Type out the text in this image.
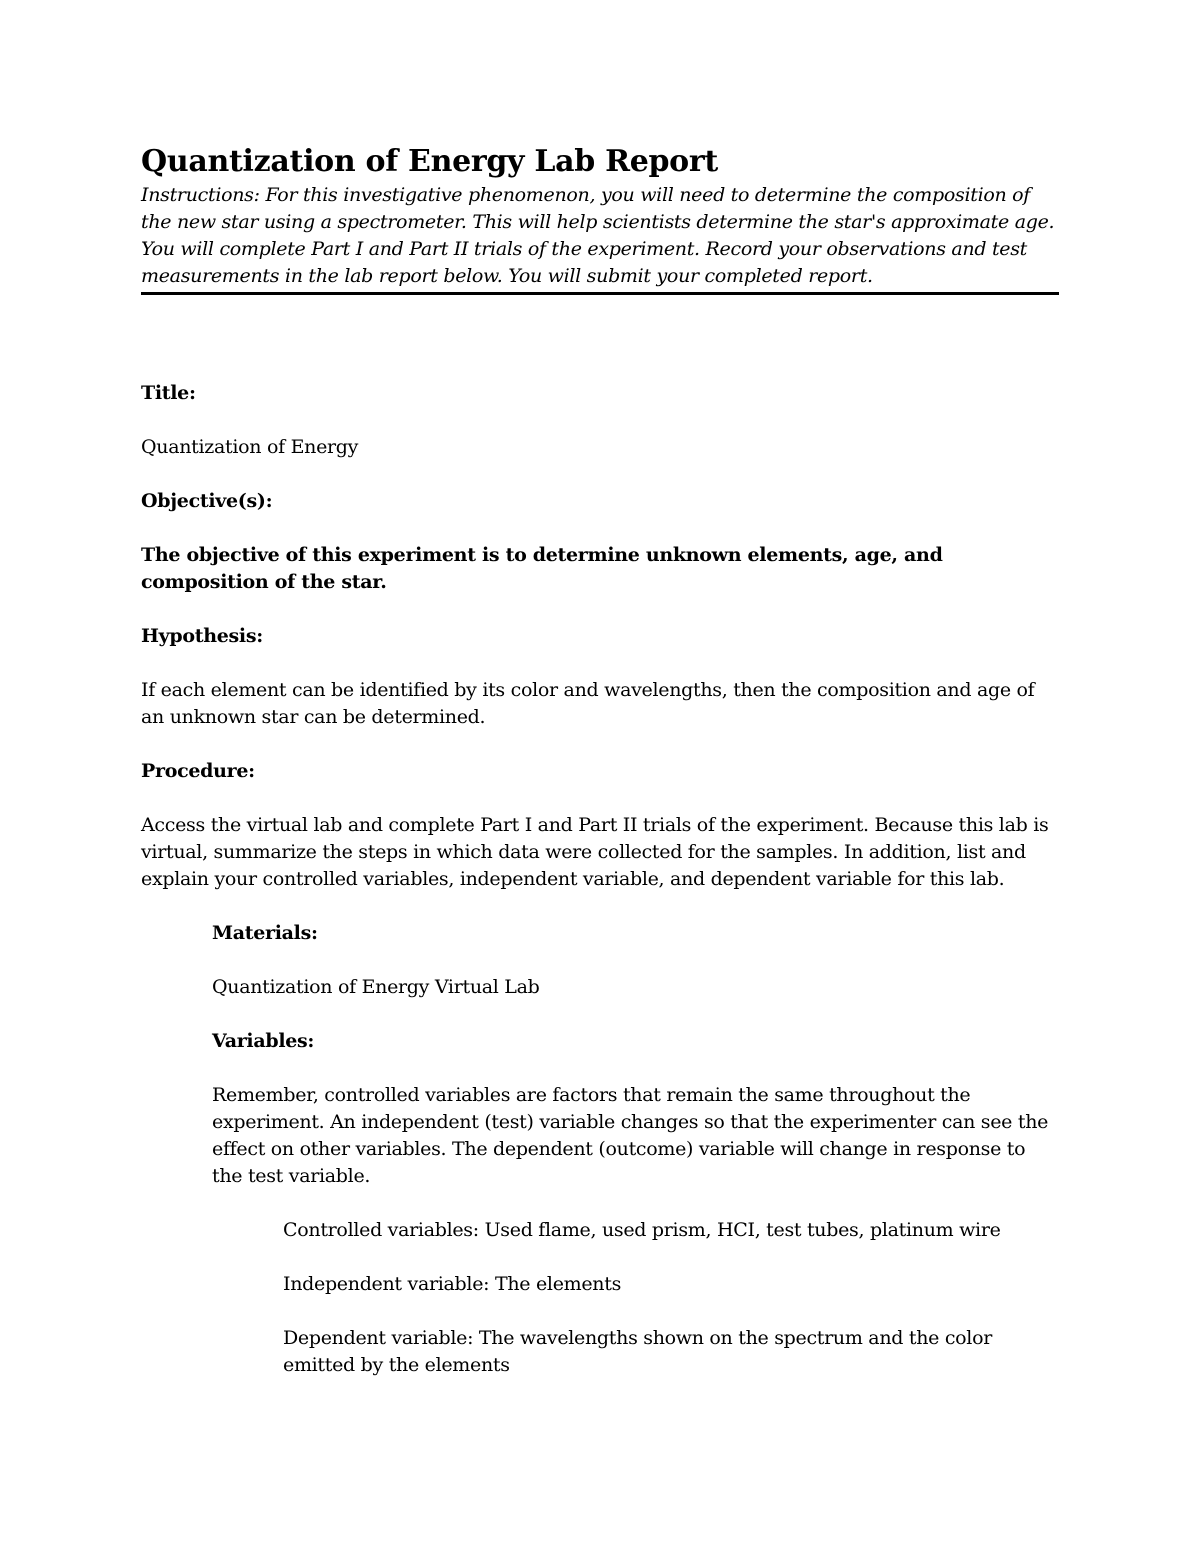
Quantization of Energy Lab Report

Instructions: For this investigative phenomenon, you will need to determine the composition of the new star using a spectrometer. This will help scientists determine the star's approximate age. You will complete Part I and Part II trials of the experiment. Record your observations and test measurements in the lab report below. You will submit your completed report.

Title:

Quantization of Energy

Objective(s):

The objective of this experiment is to determine unknown elements, age, and composition of the star.

Hypothesis:

If each element can be identified by its color and wavelengths, then the composition and age of an unknown star can be determined.

Procedure:

Access the virtual lab and complete Part I and Part II trials of the experiment. Because this lab is virtual, summarize the steps in which data were collected for the samples. In addition, list and explain your controlled variables, independent variable, and dependent variable for this lab.

Materials:

Quantization of Energy Virtual Lab

Variables:

Remember, controlled variables are factors that remain the same throughout the experiment. An independent (test) variable changes so that the experimenter can see the effect on other variables. The dependent (outcome) variable will change in response to the test variable.

Controlled variables: Used flame, used prism, HCI, test tubes, platinum wire

Independent variable: The elements

Dependent variable: The wavelengths shown on the spectrum and the color emitted by the elements
